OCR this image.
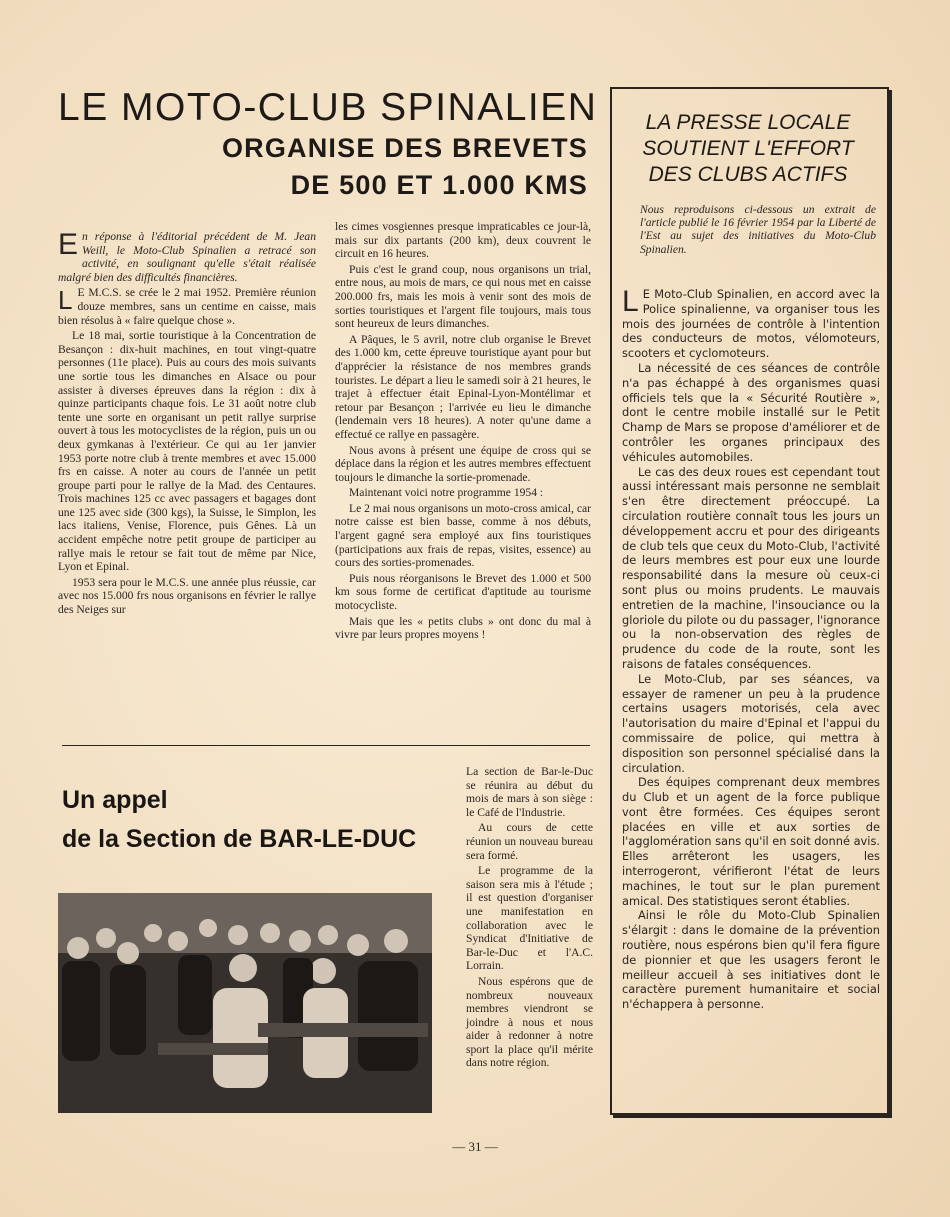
LE MOTO-CLUB SPINALIEN
ORGANISE DES BREVETS
DE 500 ET 1.000 KMS

En réponse à l'éditorial précédent de M. Jean Weill, le Moto-Club Spinalien a retracé son activité, en soulignant qu'elle s'était réalisée malgré bien des difficultés financières.

L E M.C.S. se crée le 2 mai 1952. Première réunion douze membres, sans un centime en caisse, mais bien résolus à « faire quelque chose ».

Le 18 mai, sortie touristique à la Concentration de Besançon : dix-huit machines, en tout vingt-quatre personnes (11e place). Puis au cours des mois suivants une sortie tous les dimanches en Alsace ou pour assister à diverses épreuves dans la région : dix à quinze participants chaque fois. Le 31 août notre club tente une sorte en organisant un petit rallye surprise ouvert à tous les motocyclistes de la région, puis un ou deux gymkanas à l'extérieur. Ce qui au 1er janvier 1953 porte notre club à trente membres et avec 15.000 frs en caisse. A noter au cours de l'année un petit groupe parti pour le rallye de la Mad. des Centaures. Trois machines 125 cc avec passagers et bagages dont une 125 avec side (300 kgs), la Suisse, le Simplon, les lacs italiens, Venise, Florence, puis Gênes. Là un accident empêche notre petit groupe de participer au rallye mais le retour se fait tout de même par Nice, Lyon et Epinal.

1953 sera pour le M.C.S. une année plus réussie, car avec nos 15.000 frs nous organisons en février le rallye des Neiges sur

les cimes vosgiennes presque impraticables ce jour-là, mais sur dix partants (200 km), deux couvrent le circuit en 16 heures.

Puis c'est le grand coup, nous organisons un trial, entre nous, au mois de mars, ce qui nous met en caisse 200.000 frs, mais les mois à venir sont des mois de sorties touristiques et l'argent file toujours, mais tous sont heureux de leurs dimanches.

A Pâques, le 5 avril, notre club organise le Brevet des 1.000 km, cette épreuve touristique ayant pour but d'apprécier la résistance de nos membres grands touristes. Le départ a lieu le samedi soir à 21 heures, le trajet à effectuer était Epinal-Lyon-Montélimar et retour par Besançon ; l'arrivée eu lieu le dimanche (lendemain vers 18 heures). A noter qu'une dame a effectué ce rallye en passagère.

Nous avons à présent une équipe de cross qui se déplace dans la région et les autres membres effectuent toujours le dimanche la sortie-promenade.

Maintenant voici notre programme 1954 :

Le 2 mai nous organisons un moto-cross amical, car notre caisse est bien basse, comme à nos débuts, l'argent gagné sera employé aux fins touristiques (participations aux frais de repas, visites, essence) au cours des sorties-promenades.

Puis nous réorganisons le Brevet des 1.000 et 500 km sous forme de certificat d'aptitude au tourisme motocycliste.

Mais que les « petits clubs » ont donc du mal à vivre par leurs propres moyens !

Un appel
de la Section de BAR-LE-DUC

La section de Bar-le-Duc se réunira au début du mois de mars à son siège : le Café de l'Industrie.

Au cours de cette réunion un nouveau bureau sera formé.

Le programme de la saison sera mis à l'étude ; il est question d'organiser une manifestation en collaboration avec le Syndicat d'Initiative de Bar-le-Duc et l'A.C. Lorrain.

Nous espérons que de nombreux nouveaux membres viendront se joindre à nous et nous aider à redonner à notre sport la place qu'il mérite dans notre région.

LA PRESSE LOCALE
SOUTIENT L'EFFORT
DES CLUBS ACTIFS

Nous reproduisons ci-dessous un extrait de l'article publié le 16 février 1954 par la Liberté de l'Est au sujet des initiatives du Moto-Club Spinalien.

L E Moto-Club Spinalien, en accord avec la Police spinalienne, va organiser tous les mois des journées de contrôle à l'intention des conducteurs de motos, vélomoteurs, scooters et cyclomoteurs.

La nécessité de ces séances de contrôle n'a pas échappé à des organismes quasi officiels tels que la « Sécurité Routière », dont le centre mobile installé sur le Petit Champ de Mars se propose d'améliorer et de contrôler les organes principaux des véhicules automobiles.

Le cas des deux roues est cependant tout aussi intéressant mais personne ne semblait s'en être directement préoccupé. La circulation routière connaît tous les jours un développement accru et pour des dirigeants de club tels que ceux du Moto-Club, l'activité de leurs membres est pour eux une lourde responsabilité dans la mesure où ceux-ci sont plus ou moins prudents. Le mauvais entretien de la machine, l'insouciance ou la gloriole du pilote ou du passager, l'ignorance ou la non-observation des règles de prudence du code de la route, sont les raisons de fatales conséquences.

Le Moto-Club, par ses séances, va essayer de ramener un peu à la prudence certains usagers motorisés, cela avec l'autorisation du maire d'Epinal et l'appui du commissaire de police, qui mettra à disposition son personnel spécialisé dans la circulation.

Des équipes comprenant deux membres du Club et un agent de la force publique vont être formées. Ces équipes seront placées en ville et aux sorties de l'agglomération sans qu'il en soit donné avis. Elles arrêteront les usagers, les interrogeront, vérifieront l'état de leurs machines, le tout sur le plan purement amical. Des statistiques seront établies.

Ainsi le rôle du Moto-Club Spinalien s'élargit : dans le domaine de la prévention routière, nous espérons bien qu'il fera figure de pionnier et que les usagers feront le meilleur accueil à ses initiatives dont le caractère purement humanitaire et social n'échappera à personne.

— 31 —
